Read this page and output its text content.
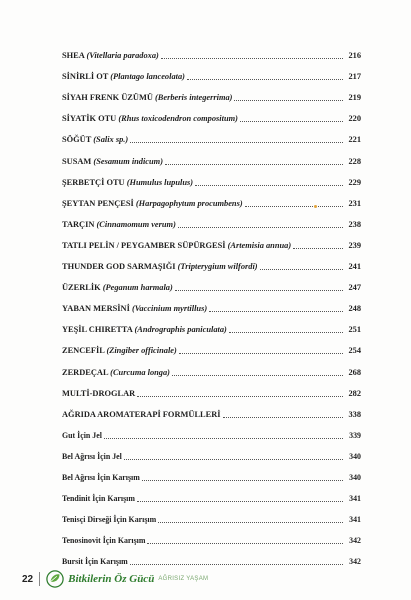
SHEA (Vitellaria paradoxa)	216
SİNİRLİ OT (Plantago lanceolata)	217
SİYAH FRENK ÜZÜMÜ (Berberis integerrima)	219
SİYATİK OTU (Rhus toxicodendron compositum)	220
SÖĞÜT (Salix sp.)	221
SUSAM (Sesamum indicum)	228
ŞERBETÇİ OTU (Humulus lupulus)	229
ŞEYTAN PENÇESİ (Harpagophytum procumbens)	231
TARÇIN (Cinnamomum verum)	238
TATLI PELİN / PEYGAMBER SÜPÜRGESİ (Artemisia annua)	239
THUNDER GOD SARMAŞIĞI (Tripterygium wilfordi)	241
ÜZERLİK (Peganum harmala)	247
YABAN MERSİNİ (Vaccinium myrtillus)	248
YEŞİL CHIRETTA (Andrographis paniculata)	251
ZENCEFİL (Zingiber officinale)	254
ZERDEÇAL (Curcuma longa)	268
MULTİ-DROGLAR	282
AĞRIDA AROMATERAPİ FORMÜLLERİ	338
Gut İçin Jel	339
Bel Ağrısı İçin Jel	340
Bel Ağrısı İçin Karışım	340
Tendinit İçin Karışım	341
Tenisçi Dirseği İçin Karışım	341
Tenosinovit İçin Karışım	342
Bursit İçin Karışım	342
22	Bitkilerin Öz Gücü AĞRISIZ YAŞAM
